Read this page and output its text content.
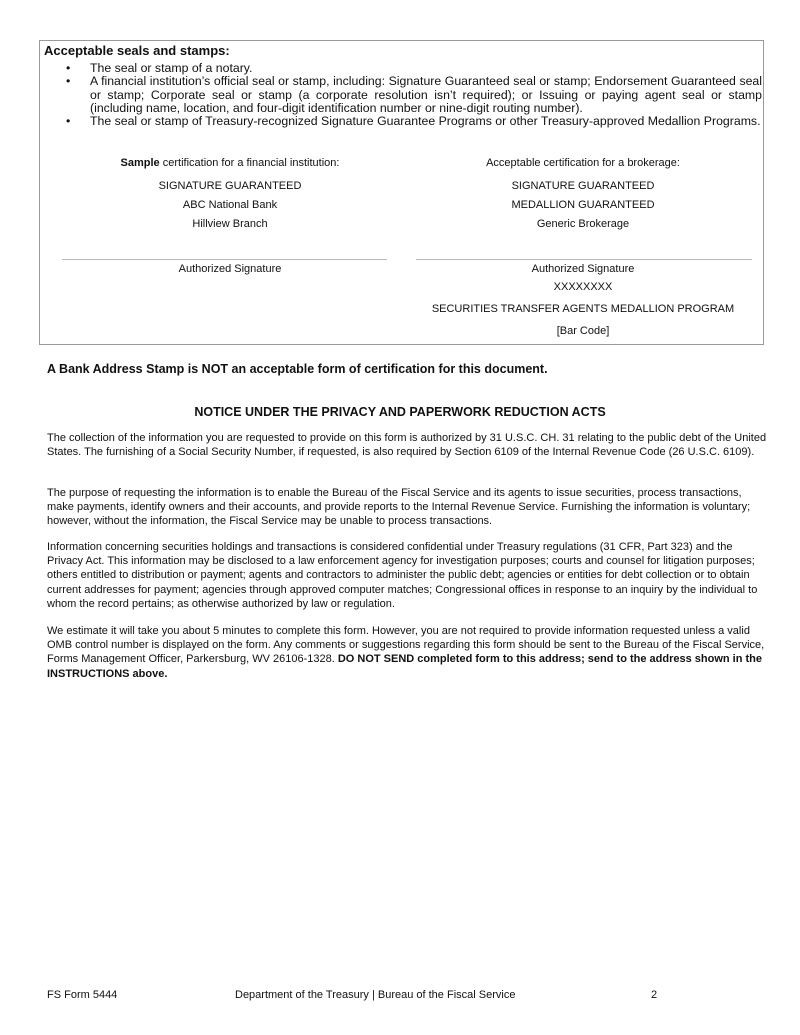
Acceptable seals and stamps:
• The seal or stamp of a notary.
• A financial institution’s official seal or stamp, including: Signature Guaranteed seal or stamp; Endorsement Guaranteed seal or stamp; Corporate seal or stamp (a corporate resolution isn’t required); or Issuing or paying agent seal or stamp (including name, location, and four-digit identification number or nine-digit routing number).
• The seal or stamp of Treasury-recognized Signature Guarantee Programs or other Treasury-approved Medallion Programs.
Sample certification for a financial institution:
SIGNATURE GUARANTEED
ABC National Bank
Hillview Branch
Authorized Signature
Acceptable certification for a brokerage:
SIGNATURE GUARANTEED
MEDALLION GUARANTEED
Generic Brokerage
Authorized Signature
XXXXXXXX
SECURITIES TRANSFER AGENTS MEDALLION PROGRAM
[Bar Code]
A Bank Address Stamp is NOT an acceptable form of certification for this document.
NOTICE UNDER THE PRIVACY AND PAPERWORK REDUCTION ACTS

The collection of the information you are requested to provide on this form is authorized by 31 U.S.C. CH. 31 relating to the public debt of the United States. The furnishing of a Social Security Number, if requested, is also required by Section 6109 of the Internal Revenue Code (26 U.S.C. 6109).

The purpose of requesting the information is to enable the Bureau of the Fiscal Service and its agents to issue securities, process transactions, make payments, identify owners and their accounts, and provide reports to the Internal Revenue Service. Furnishing the information is voluntary; however, without the information, the Fiscal Service may be unable to process transactions.

Information concerning securities holdings and transactions is considered confidential under Treasury regulations (31 CFR, Part 323) and the Privacy Act. This information may be disclosed to a law enforcement agency for investigation purposes; courts and counsel for litigation purposes; others entitled to distribution or payment; agents and contractors to administer the public debt; agencies or entities for debt collection or to obtain current addresses for payment; agencies through approved computer matches; Congressional offices in response to an inquiry by the individual to whom the record pertains; as otherwise authorized by law or regulation.

We estimate it will take you about 5 minutes to complete this form. However, you are not required to provide information requested unless a valid OMB control number is displayed on the form. Any comments or suggestions regarding this form should be sent to the Bureau of the Fiscal Service, Forms Management Officer, Parkersburg, WV 26106-1328. DO NOT SEND completed form to this address; send to the address shown in the INSTRUCTIONS above.

FS Form 5444	Department of the Treasury | Bureau of the Fiscal Service	2
